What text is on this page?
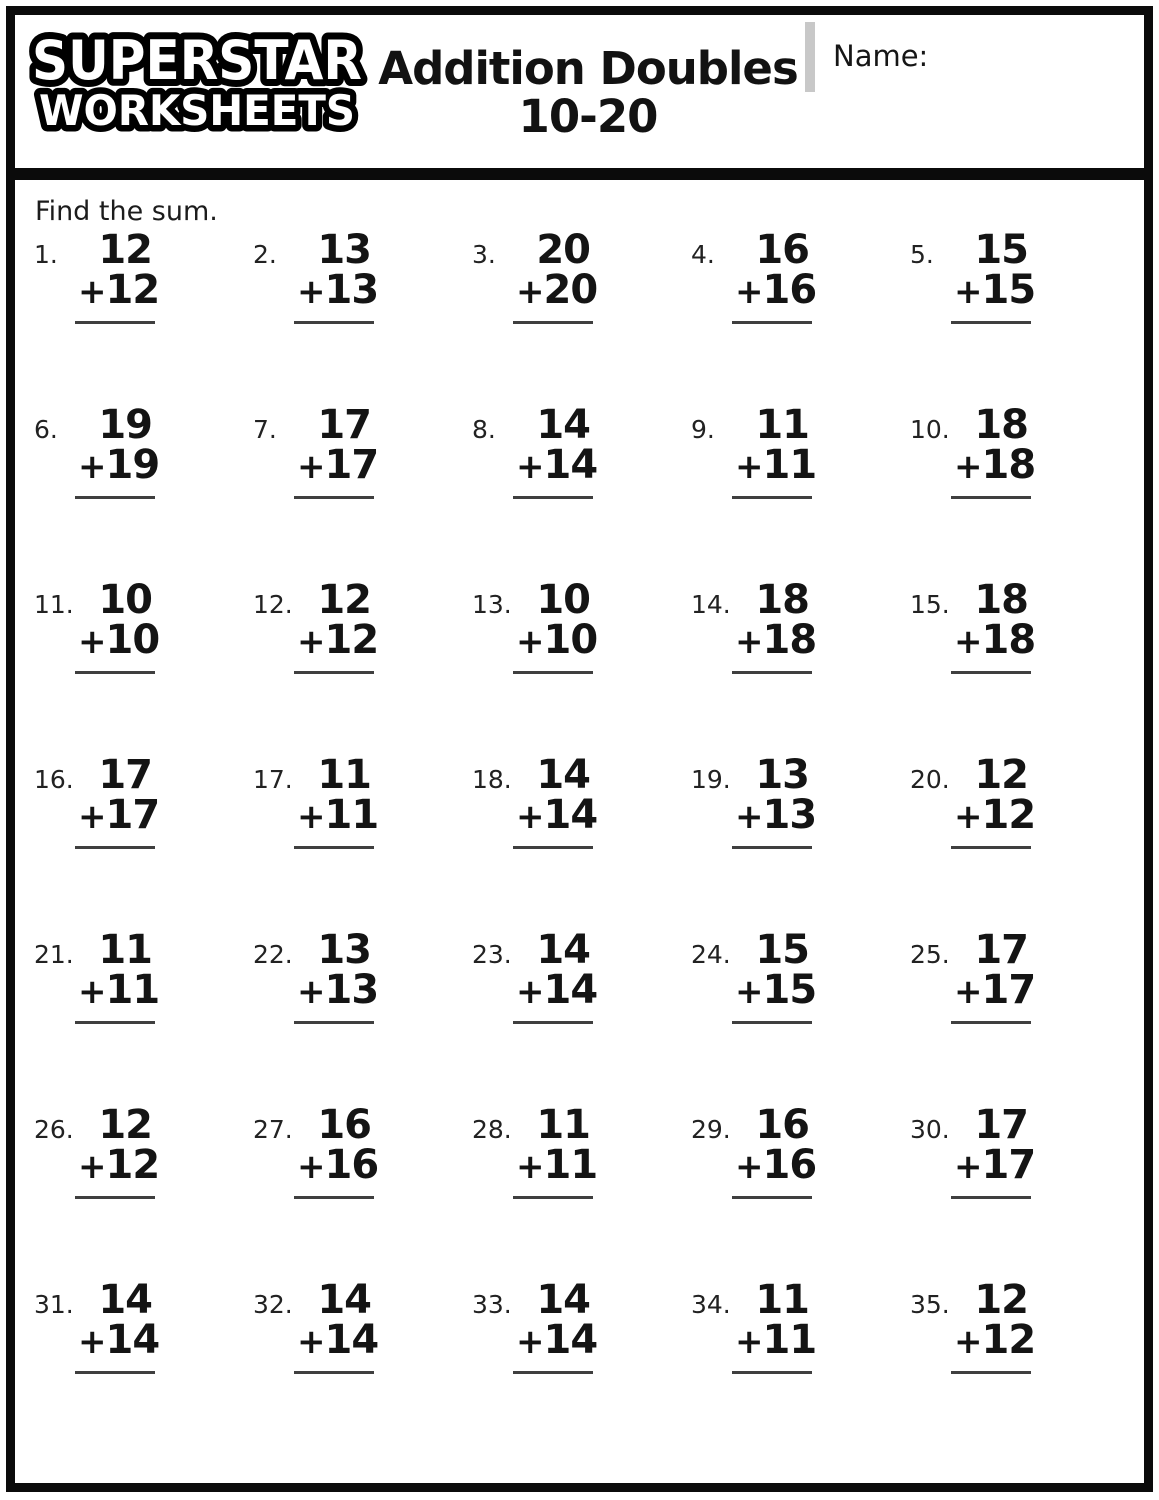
SUPERSTAR
WORKSHEETS
Addition Doubles
10-20
Name:
Find the sum.
1.	12
+ 12
2.	13
+ 13
3.	20
+ 20
4.	16
+ 16
5.	15
+ 15
6.	19
+ 19
7.	17
+ 17
8.	14
+ 14
9.	11
+ 11
10. 18
+ 18
11. 10
+ 10
12. 12
+ 12
13. 10
+ 10
14. 18
+ 18
15. 18
+ 18
16. 17
+ 17
17. 11
+ 11
18. 14
+ 14
19. 13
+ 13
20. 12
+ 12
21. 11
+ 11
22. 13
+ 13
23. 14
+ 14
24. 15
+ 15
25. 17
+ 17
26. 12
+ 12
27. 16
+ 16
28. 11
+ 11
29. 16
+ 16
30. 17
+ 17
31. 14
+ 14
32. 14
+ 14
33. 14
+ 14
34. 11
+ 11
35. 12
+ 12
